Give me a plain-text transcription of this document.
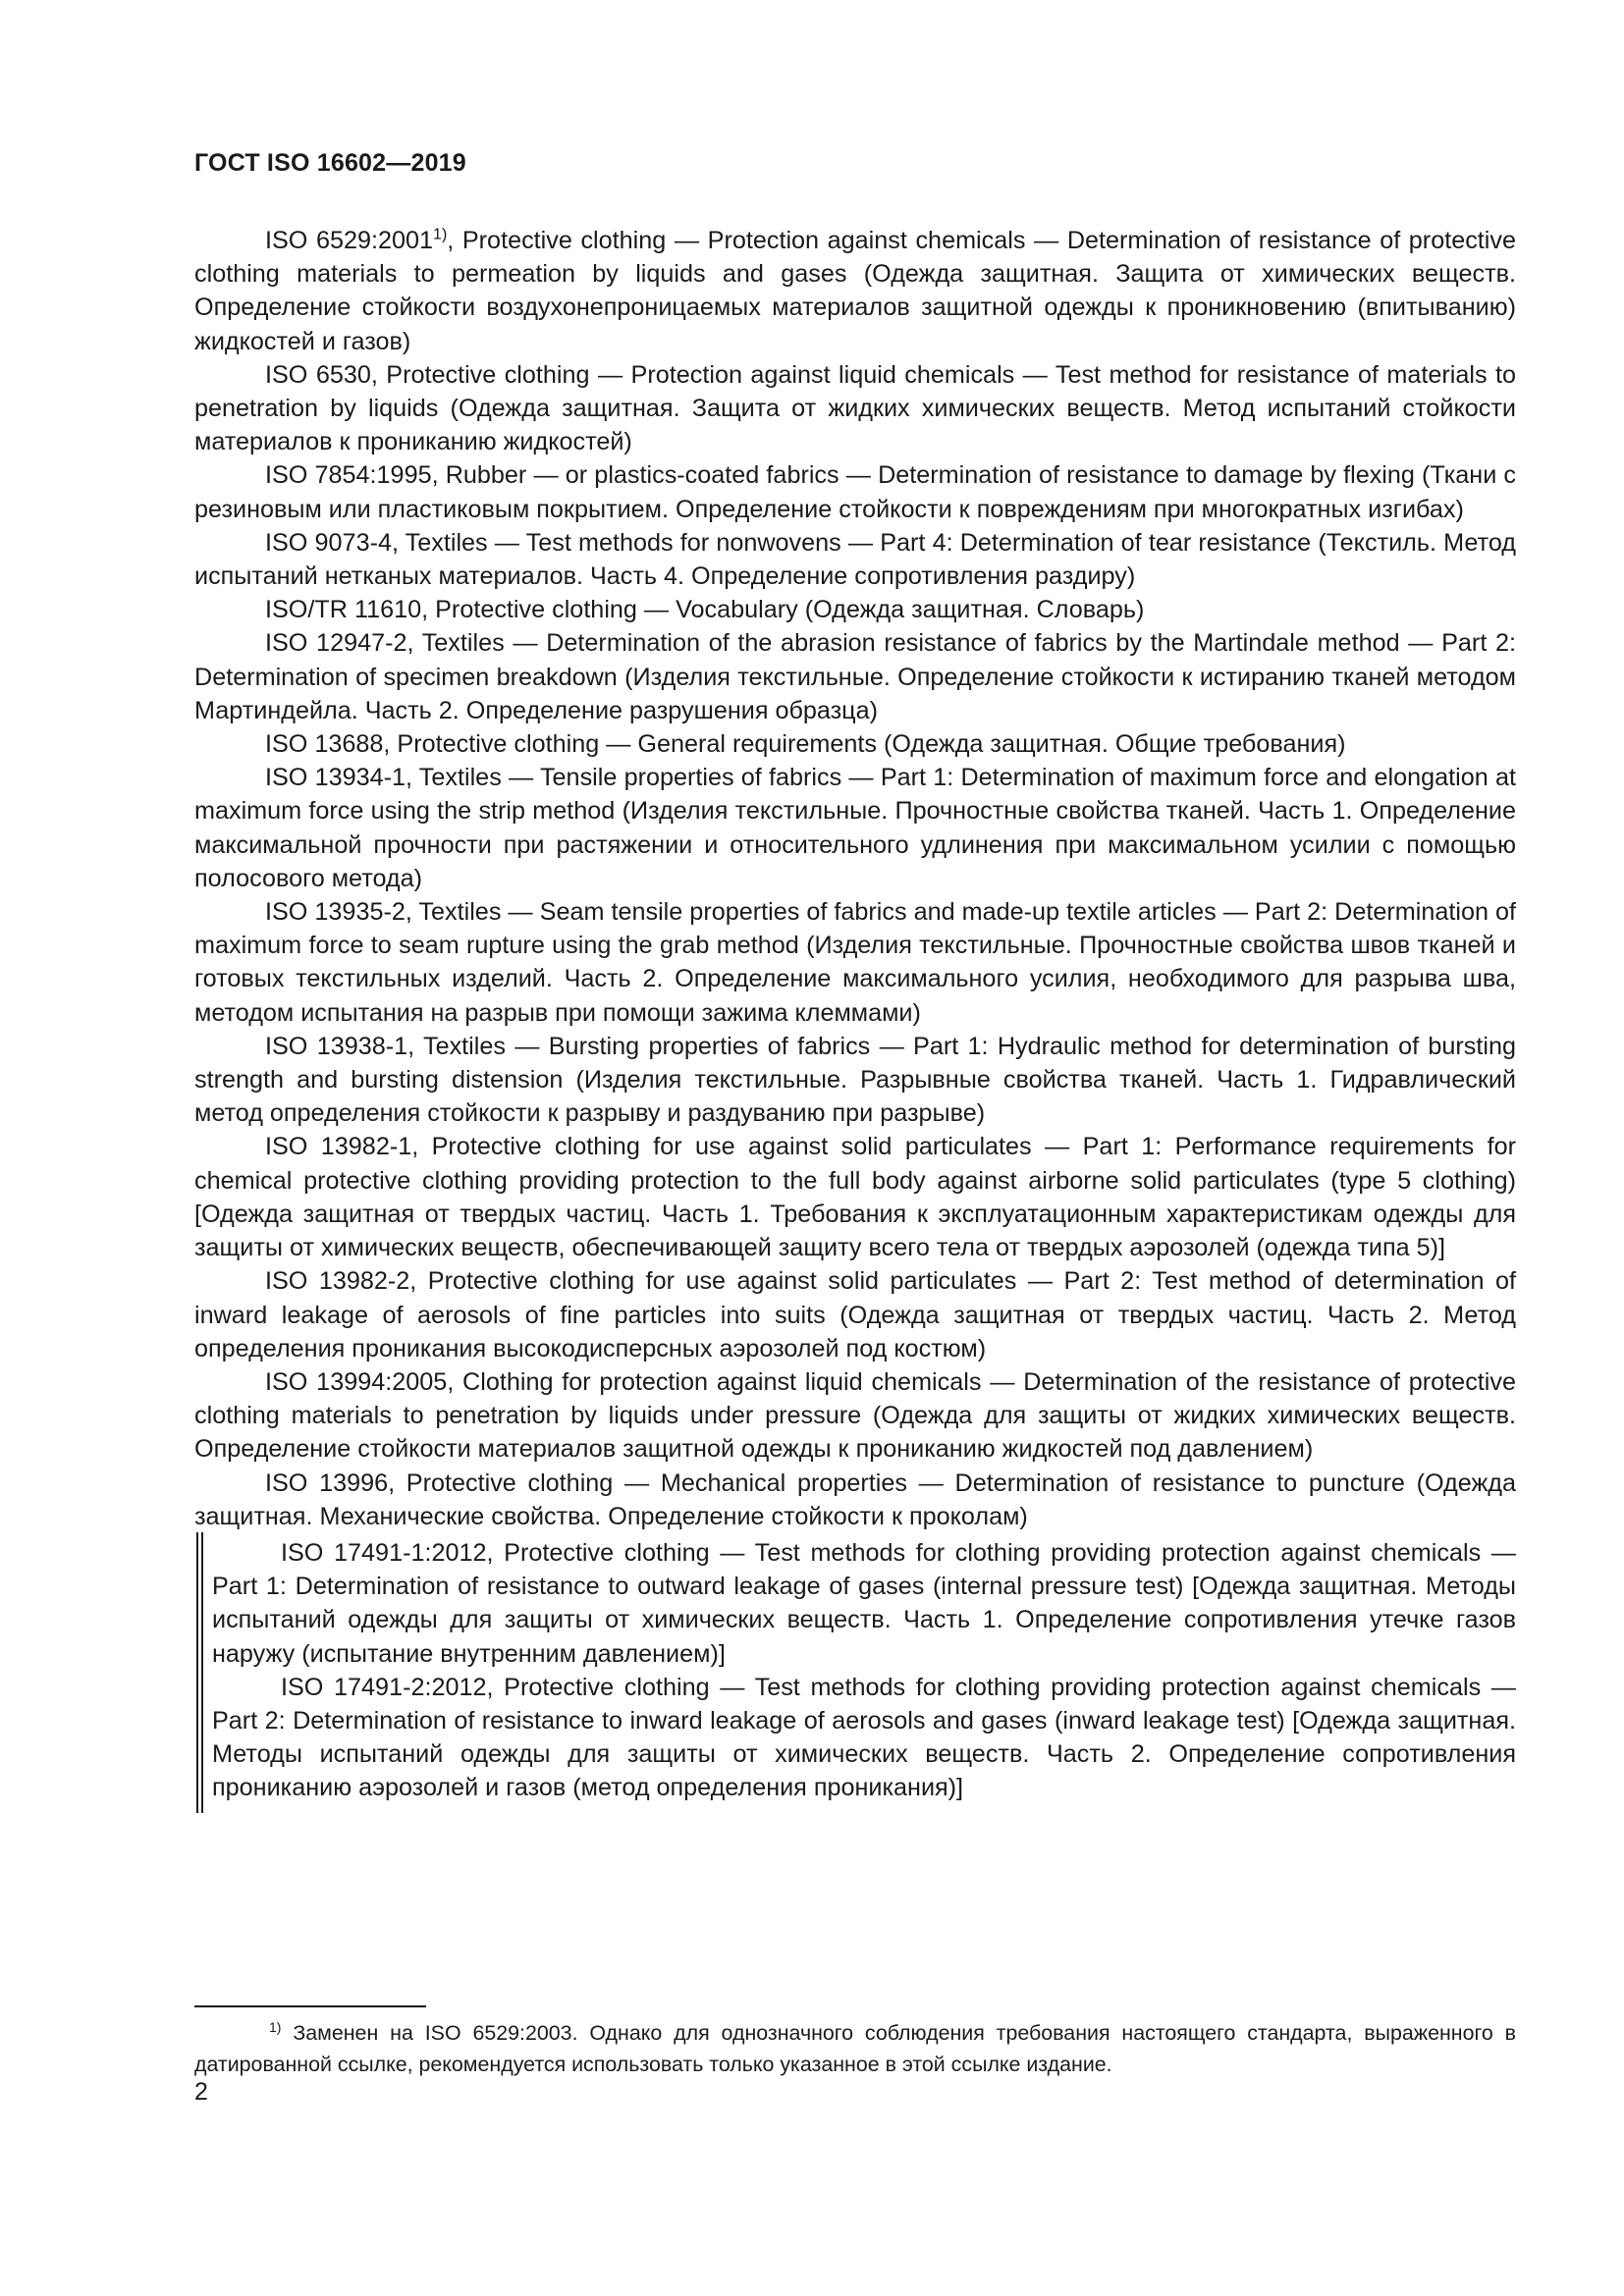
ГОСТ ISO 16602—2019

ISO 6529:2001$^{1)}$, Protective clothing — Protection against chemicals — Determination of resistance of protective clothing materials to permeation by liquids and gases (Одежда защитная. Защита от химических веществ. Определение стойкости воздухонепроницаемых материалов защитной одежды к проникновению (впитыванию) жидкостей и газов)

ISO 6530, Protective clothing — Protection against liquid chemicals — Test method for resistance of materials to penetration by liquids (Одежда защитная. Защита от жидких химических веществ. Метод испытаний стойкости материалов к прониканию жидкостей)

ISO 7854:1995, Rubber — or plastics-coated fabrics — Determination of resistance to damage by flexing (Ткани с резиновым или пластиковым покрытием. Определение стойкости к повреждениям при многократных изгибах)

ISO 9073-4, Textiles — Test methods for nonwovens — Part 4: Determination of tear resistance (Текстиль. Метод испытаний нетканых материалов. Часть 4. Определение сопротивления раздиру)

ISO/TR 11610, Protective clothing — Vocabulary (Одежда защитная. Словарь)

ISO 12947-2, Textiles — Determination of the abrasion resistance of fabrics by the Martindale method — Part 2: Determination of specimen breakdown (Изделия текстильные. Определение стойкости к истиранию тканей методом Мартиндейла. Часть 2. Определение разрушения образца)

ISO 13688, Protective clothing — General requirements (Одежда защитная. Общие требования)

ISO 13934-1, Textiles — Tensile properties of fabrics — Part 1: Determination of maximum force and elongation at maximum force using the strip method (Изделия текстильные. Прочностные свойства тканей. Часть 1. Определение максимальной прочности при растяжении и относительного удлинения при максимальном усилии с помощью полосового метода)

ISO 13935-2, Textiles — Seam tensile properties of fabrics and made-up textile articles — Part 2: Determination of maximum force to seam rupture using the grab method (Изделия текстильные. Прочностные свойства швов тканей и готовых текстильных изделий. Часть 2. Определение максимального усилия, необходимого для разрыва шва, методом испытания на разрыв при помощи зажима клеммами)

ISO 13938-1, Textiles — Bursting properties of fabrics — Part 1: Hydraulic method for determination of bursting strength and bursting distension (Изделия текстильные. Разрывные свойства тканей. Часть 1. Гидравлический метод определения стойкости к разрыву и раздуванию при разрыве)

ISO 13982-1, Protective clothing for use against solid particulates — Part 1: Performance requirements for chemical protective clothing providing protection to the full body against airborne solid particulates (type 5 clothing) [Одежда защитная от твердых частиц. Часть 1. Требования к эксплуатационным характеристикам одежды для защиты от химических веществ, обеспечивающей защиту всего тела от твердых аэрозолей (одежда типа 5)]

ISO 13982-2, Protective clothing for use against solid particulates — Part 2: Test method of determination of inward leakage of aerosols of fine particles into suits (Одежда защитная от твердых частиц. Часть 2. Метод определения проникания высокодисперсных аэрозолей под костюм)

ISO 13994:2005, Clothing for protection against liquid chemicals — Determination of the resistance of protective clothing materials to penetration by liquids under pressure (Одежда для защиты от жидких химических веществ. Определение стойкости материалов защитной одежды к прониканию жидкостей под давлением)

ISO 13996, Protective clothing — Mechanical properties — Determination of resistance to puncture (Одежда защитная. Механические свойства. Определение стойкости к проколам)

ISO 17491-1:2012, Protective clothing — Test methods for clothing providing protection against chemicals — Part 1: Determination of resistance to outward leakage of gases (internal pressure test) [Одежда защитная. Методы испытаний одежды для защиты от химических веществ. Часть 1. Определение сопротивления утечке газов наружу (испытание внутренним давлением)]

ISO 17491-2:2012, Protective clothing — Test methods for clothing providing protection against chemicals — Part 2: Determination of resistance to inward leakage of aerosols and gases (inward leakage test) [Одежда защитная. Методы испытаний одежды для защиты от химических веществ. Часть 2. Определение сопротивления прониканию аэрозолей и газов (метод определения проникания)]

$^{1)}$ Заменен на ISO 6529:2003. Однако для однозначного соблюдения требования настоящего стандарта, выраженного в датированной ссылке, рекомендуется использовать только указанное в этой ссылке издание.

2
